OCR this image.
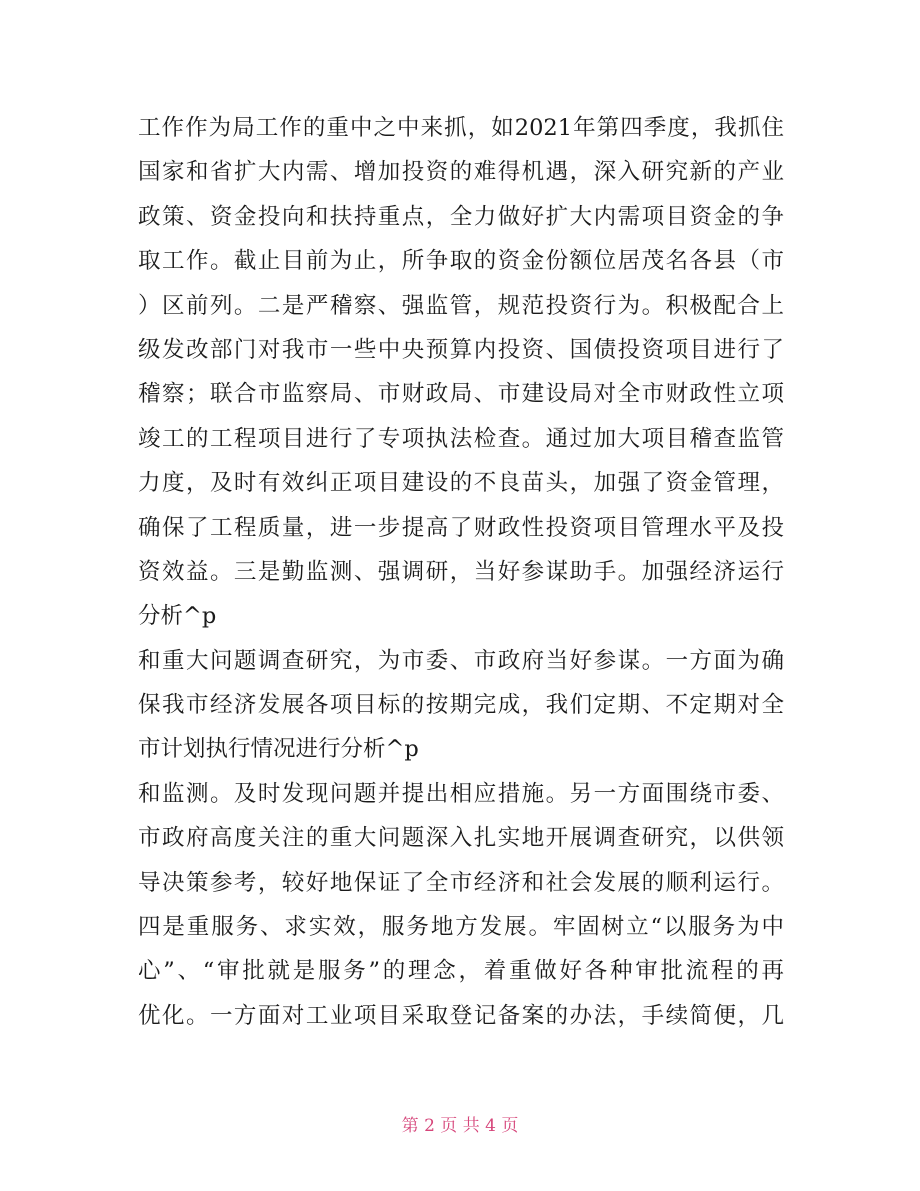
工作作为局工作的重中之中来抓，如2021年第四季度，我抓住
国家和省扩大内需、增加投资的难得机遇，深入研究新的产业
政策、资金投向和扶持重点，全力做好扩大内需项目资金的争
取工作。截止目前为止，所争取的资金份额位居茂名各县（市
）区前列。二是严稽察、强监管，规范投资行为。积极配合上
级发改部门对我市一些中央预算内投资、国债投资项目进行了
稽察；联合市监察局、市财政局、市建设局对全市财政性立项
竣工的工程项目进行了专项执法检查。通过加大项目稽查监管
力度，及时有效纠正项目建设的不良苗头，加强了资金管理，
确保了工程质量，进一步提高了财政性投资项目管理水平及投
资效益。三是勤监测、强调研，当好参谋助手。加强经济运行
分析^p
和重大问题调查研究，为市委、市政府当好参谋。一方面为确
保我市经济发展各项目标的按期完成，我们定期、不定期对全
市计划执行情况进行分析^p
和监测。及时发现问题并提出相应措施。另一方面围绕市委、
市政府高度关注的重大问题深入扎实地开展调查研究，以供领
导决策参考，较好地保证了全市经济和社会发展的顺利运行。
四是重服务、求实效，服务地方发展。牢固树立“以服务为中
心”、“审批就是服务”的理念，着重做好各种审批流程的再
优化。一方面对工业项目采取登记备案的办法，手续简便，几
第 2 页 共 4 页
